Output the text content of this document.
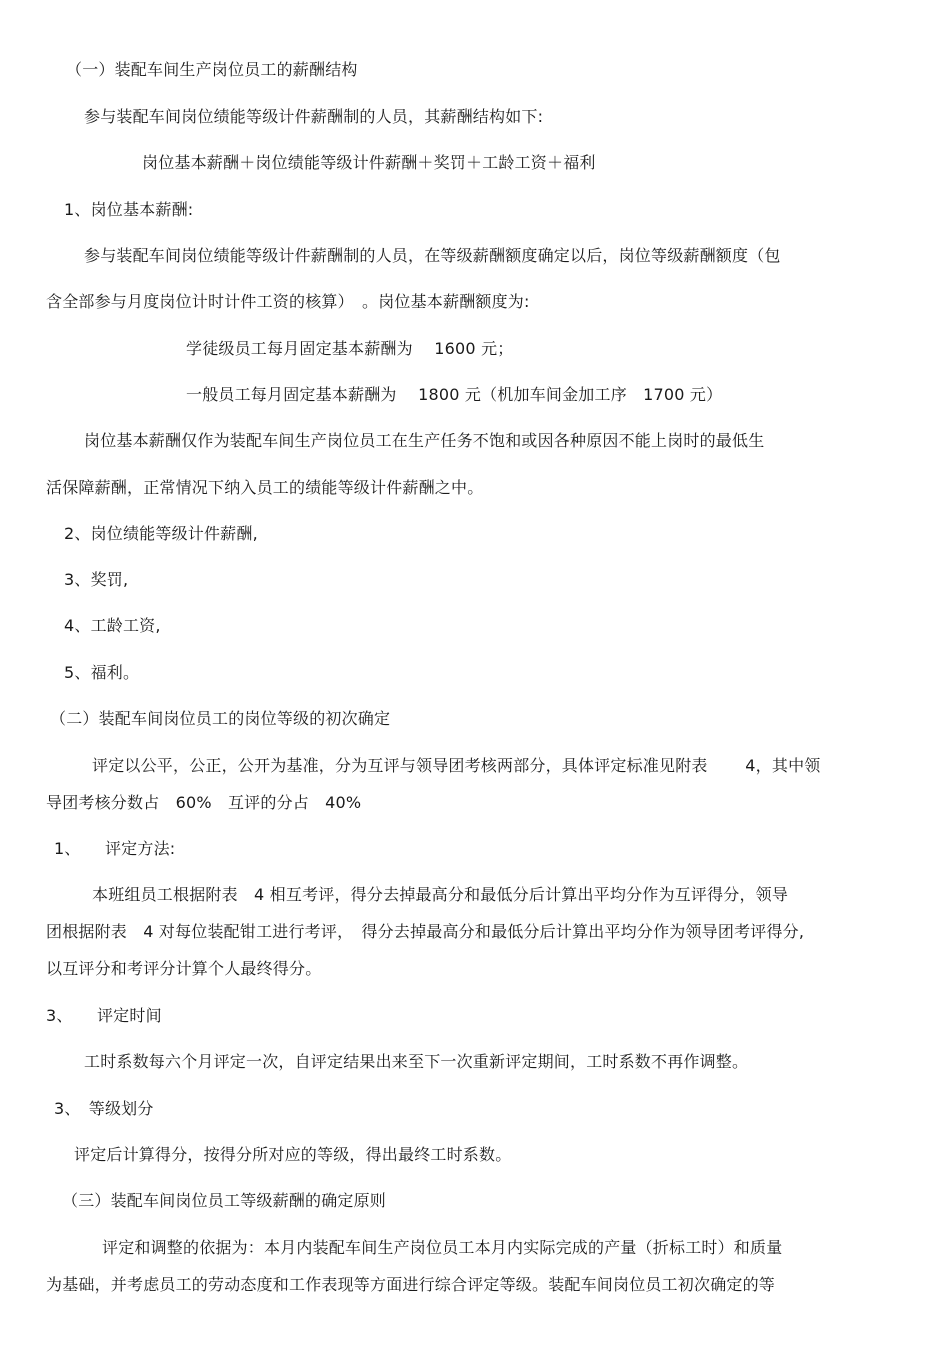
（一）装配车间生产岗位员工的薪酬结构
参与装配车间岗位绩能等级计件薪酬制的人员，其薪酬结构如下:
岗位基本薪酬＋岗位绩能等级计件薪酬＋奖罚＋工龄工资＋福利
1、岗位基本薪酬:
参与装配车间岗位绩能等级计件薪酬制的人员，在等级薪酬额度确定以后，岗位等级薪酬额度（包
含全部参与月度岗位计时计件工资的核算）　。岗位基本薪酬额度为:
学徒级员工每月固定基本薪酬为　 1600 元；
一般员工每月固定基本薪酬为　 1800 元（机加车间金加工序　1700 元）
岗位基本薪酬仅作为装配车间生产岗位员工在生产任务不饱和或因各种原因不能上岗时的最低生
活保障薪酬，正常情况下纳入员工的绩能等级计件薪酬之中。
2、岗位绩能等级计件薪酬,
3、奖罚,
4、工龄工资,
5、福利。
（二）装配车间岗位员工的岗位等级的初次确定
评定以公平，公正，公开为基准，分为互评与领导团考核两部分，具体评定标准见附表　　 4，其中领
导团考核分数占　60%　互评的分占　40%
1、　　评定方法:
本班组员工根据附表　4 相互考评，得分去掉最高分和最低分后计算出平均分作为互评得分，领导
团根据附表　4 对每位装配钳工进行考评，　得分去掉最高分和最低分后计算出平均分作为领导团考评得分,
以互评分和考评分计算个人最终得分。
3、　　评定时间
工时系数每六个月评定一次，自评定结果出来至下一次重新评定期间，工时系数不再作调整。
3、　等级划分
评定后计算得分，按得分所对应的等级，得出最终工时系数。
（三）装配车间岗位员工等级薪酬的确定原则
评定和调整的依据为：本月内装配车间生产岗位员工本月内实际完成的产量（折标工时）和质量
为基础，并考虑员工的劳动态度和工作表现等方面进行综合评定等级。装配车间岗位员工初次确定的等
